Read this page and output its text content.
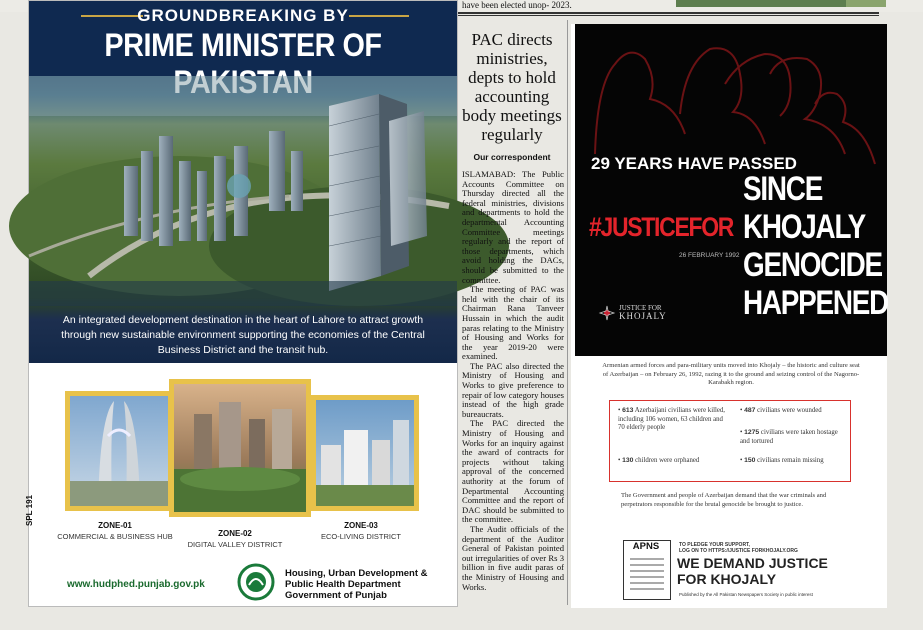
have been elected unop- 2023.
GROUNDBREAKING BY
PRIME MINISTER OF
An integrated development destination in the heart of Lahore to attract growth through new sustainable environment supporting the economies of the Central Business District and the transit hub.
ZONE-01
COMMERCIAL & BUSINESS HUB	ZONE-02
DIGITAL VALLEY DISTRICT
ZONE-03
ECO-LIVING DISTRICT
SPL 191
www.hudphed.punjab.gov.pk
Housing, Urban Development &
Public Health Department
Government of Punjab
PAC directs ministries, depts to hold accounting body meetings regularly
Our correspondent

ISLAMABAD: The Public Accounts Committee on Thursday directed all the federal ministries, divisions and departments to hold the departmental Accounting Committee meetings regularly and the report of those departments, which avoid holding the DACs, should be submitted to the committee.

The meeting of PAC was held with the chair of its Chairman Rana Tanveer Hussain in which the audit paras relating to the Ministry of Housing and Works for the year 2019-20 were examined.

The PAC also directed the Ministry of Housing and Works to give preference to repair of low category houses instead of the high grade bureaucrats.

The PAC directed the Ministry of Housing and Works for an inquiry against the award of contracts for projects without taking approval of the concerned authority at the forum of Departmental Accounting Committee and the report of DAC should be submitted to the committee.

The Audit officials of the department of the Auditor General of Pakistan pointed out irregularities of over Rs 3 billion in five audit paras of the Ministry of Housing and Works.

29 YEARS HAVE PASSED
#JUSTICEFOR
SINCE
KHOJALY
GENOCIDE
HAPPENED
26 FEBRUARY 1992
JUSTICE FOR
KHOJALY
Armenian armed forces and para-military units moved into Khojaly – the historic and culture seat of Azerbaijan – on February 26, 1992, razing it to the ground and seizing control of the Nagorno- Karabakh region.
• 613 Azerbaijani civilians were killed, including 106 women, 63 children and 70 elderly people
• 487 civilians were wounded
• 1275 civilians were taken hostage and tortured
• 130 children were orphaned	• 150 civilians remain missing
The Government and people of Azerbaijan demand that the war criminals and perpetrators responsible for the brutal genocide be brought to justice.
APNS	TO PLEDGE YOUR SUPPORT,
LOG ON TO HTTPS://JUSTICE FORKHOJALY.ORG
WE DEMAND JUSTICE
FOR KHOJALY
Published by the All Pakistan Newspapers Society in public interest
